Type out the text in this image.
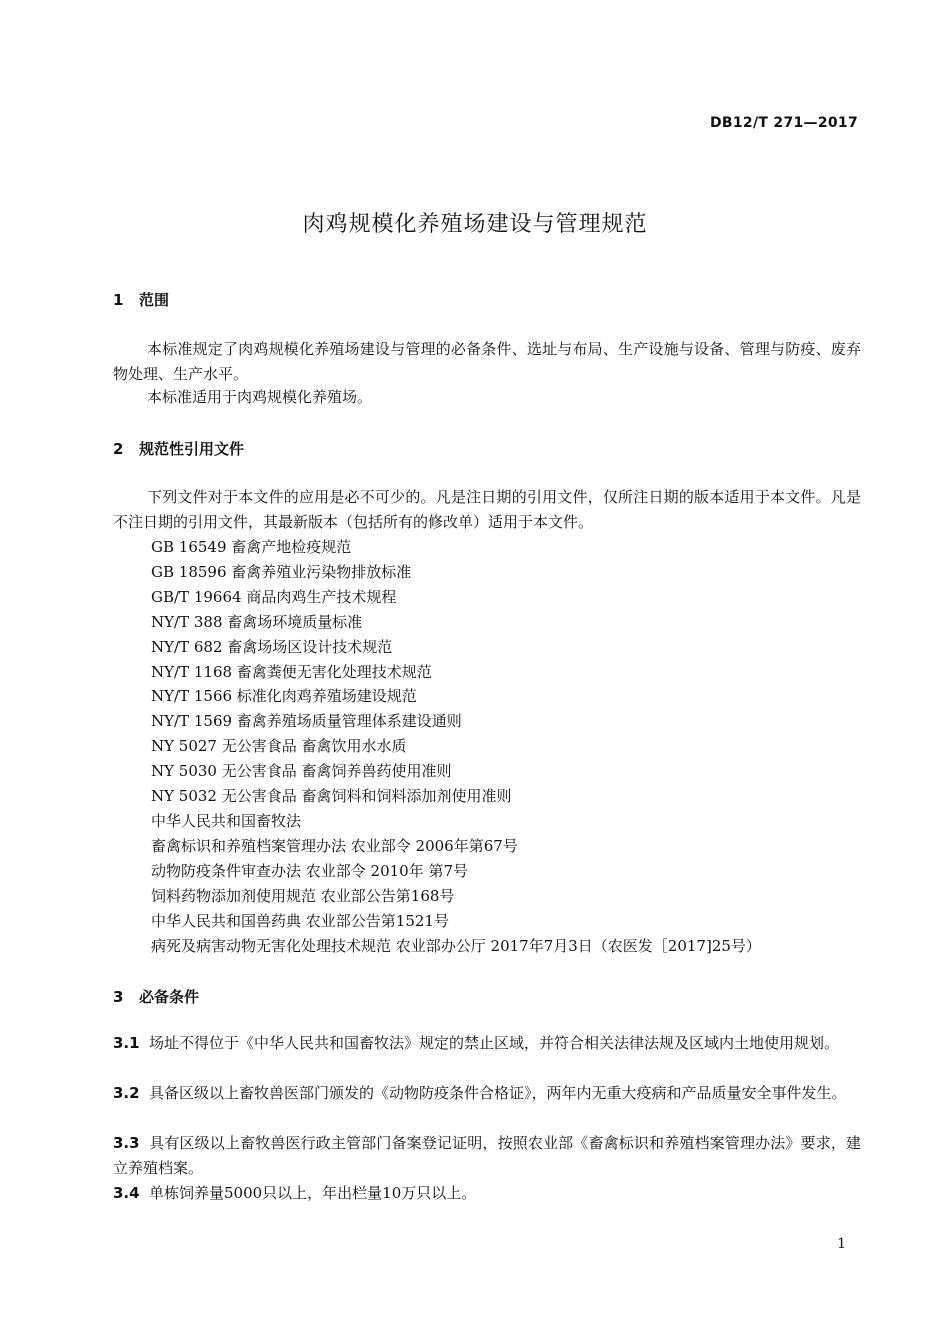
DB12/T 271—2017
肉鸡规模化养殖场建设与管理规范
1 范围

本标准规定了肉鸡规模化养殖场建设与管理的必备条件、选址与布局、生产设施与设备、管理与防疫、废弃物处理、生产水平。

本标准适用于肉鸡规模化养殖场。

2 规范性引用文件

下列文件对于本文件的应用是必不可少的。凡是注日期的引用文件，仅所注日期的版本适用于本文件。凡是不注日期的引用文件，其最新版本（包括所有的修改单）适用于本文件。

GB 16549 畜禽产地检疫规范
GB 18596 畜禽养殖业污染物排放标准
GB/T 19664 商品肉鸡生产技术规程
NY/T 388 畜禽场环境质量标准
NY/T 682 畜禽场场区设计技术规范
NY/T 1168 畜禽粪便无害化处理技术规范
NY/T 1566 标准化肉鸡养殖场建设规范
NY/T 1569 畜禽养殖场质量管理体系建设通则
NY 5027 无公害食品 畜禽饮用水水质
NY 5030 无公害食品 畜禽饲养兽药使用准则
NY 5032 无公害食品 畜禽饲料和饲料添加剂使用准则
中华人民共和国畜牧法
畜禽标识和养殖档案管理办法 农业部令 2006年第67号
动物防疫条件审查办法 农业部令 2010年 第7号
饲料药物添加剂使用规范 农业部公告第168号
中华人民共和国兽药典 农业部公告第1521号
病死及病害动物无害化处理技术规范 农业部办公厅 2017年7月3日（农医发［2017]25号）
3 必备条件

3.1 场址不得位于《中华人民共和国畜牧法》规定的禁止区域，并符合相关法律法规及区域内土地使用规划。

3.2 具备区级以上畜牧兽医部门颁发的《动物防疫条件合格证》，两年内无重大疫病和产品质量安全事件发生。

3.3 具有区级以上畜牧兽医行政主管部门备案登记证明，按照农业部《畜禽标识和养殖档案管理办法》要求，建立养殖档案。

3.4 单栋饲养量5000只以上，年出栏量10万只以上。

1
